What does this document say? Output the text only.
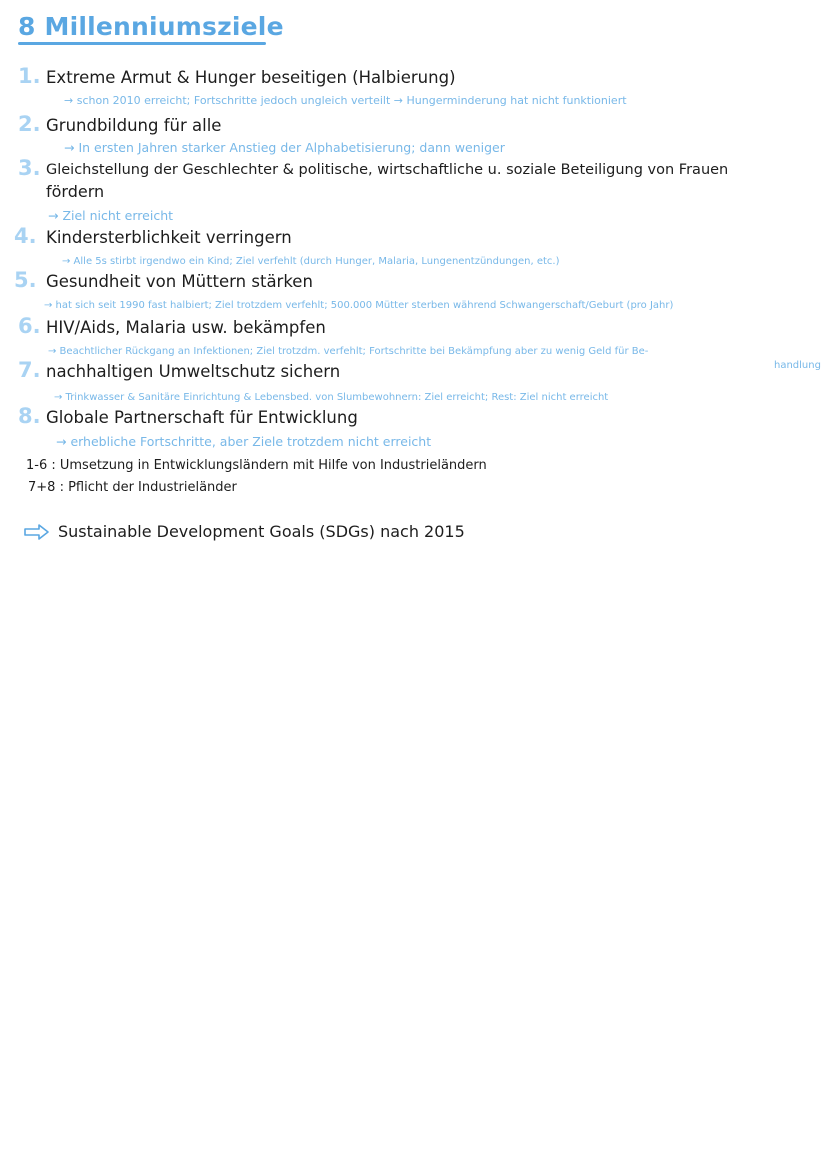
8 Millenniumsziele
1. Extreme Armut & Hunger beseitigen (Halbierung)
→ schon 2010 erreicht; Fortschritte jedoch ungleich verteilt → Hungerminderung hat nicht funktioniert
2. Grundbildung für alle
→ In ersten Jahren starker Anstieg der Alphabetisierung; dann weniger
3. Gleichstellung der Geschlechter & politische, wirtschaftliche u. soziale Beteiligung von Frauen
fördern
→ Ziel nicht erreicht
4. Kindersterblichkeit verringern
→ Alle 5s stirbt irgendwo ein Kind; Ziel verfehlt (durch Hunger, Malaria, Lungenentzündungen, etc.)
5. Gesundheit von Müttern stärken
→ hat sich seit 1990 fast halbiert; Ziel trotzdem verfehlt; 500.000 Mütter sterben während Schwangerschaft/Geburt (pro Jahr)
6. HIV/Aids, Malaria usw. bekämpfen
→ Beachtlicher Rückgang an Infektionen; Ziel trotzdm. verfehlt; Fortschritte bei Bekämpfung aber zu wenig Geld für Be-
handlung
7. nachhaltigen Umweltschutz sichern
→ Trinkwasser & Sanitäre Einrichtung & Lebensbed. von Slumbewohnern: Ziel erreicht; Rest: Ziel nicht erreicht
8. Globale Partnerschaft für Entwicklung
→ erhebliche Fortschritte, aber Ziele trotzdem nicht erreicht
1-6 : Umsetzung in Entwicklungsländern mit Hilfe von Industrieländern
7+8 : Pflicht der Industrieländer
Sustainable Development Goals (SDGs) nach 2015
